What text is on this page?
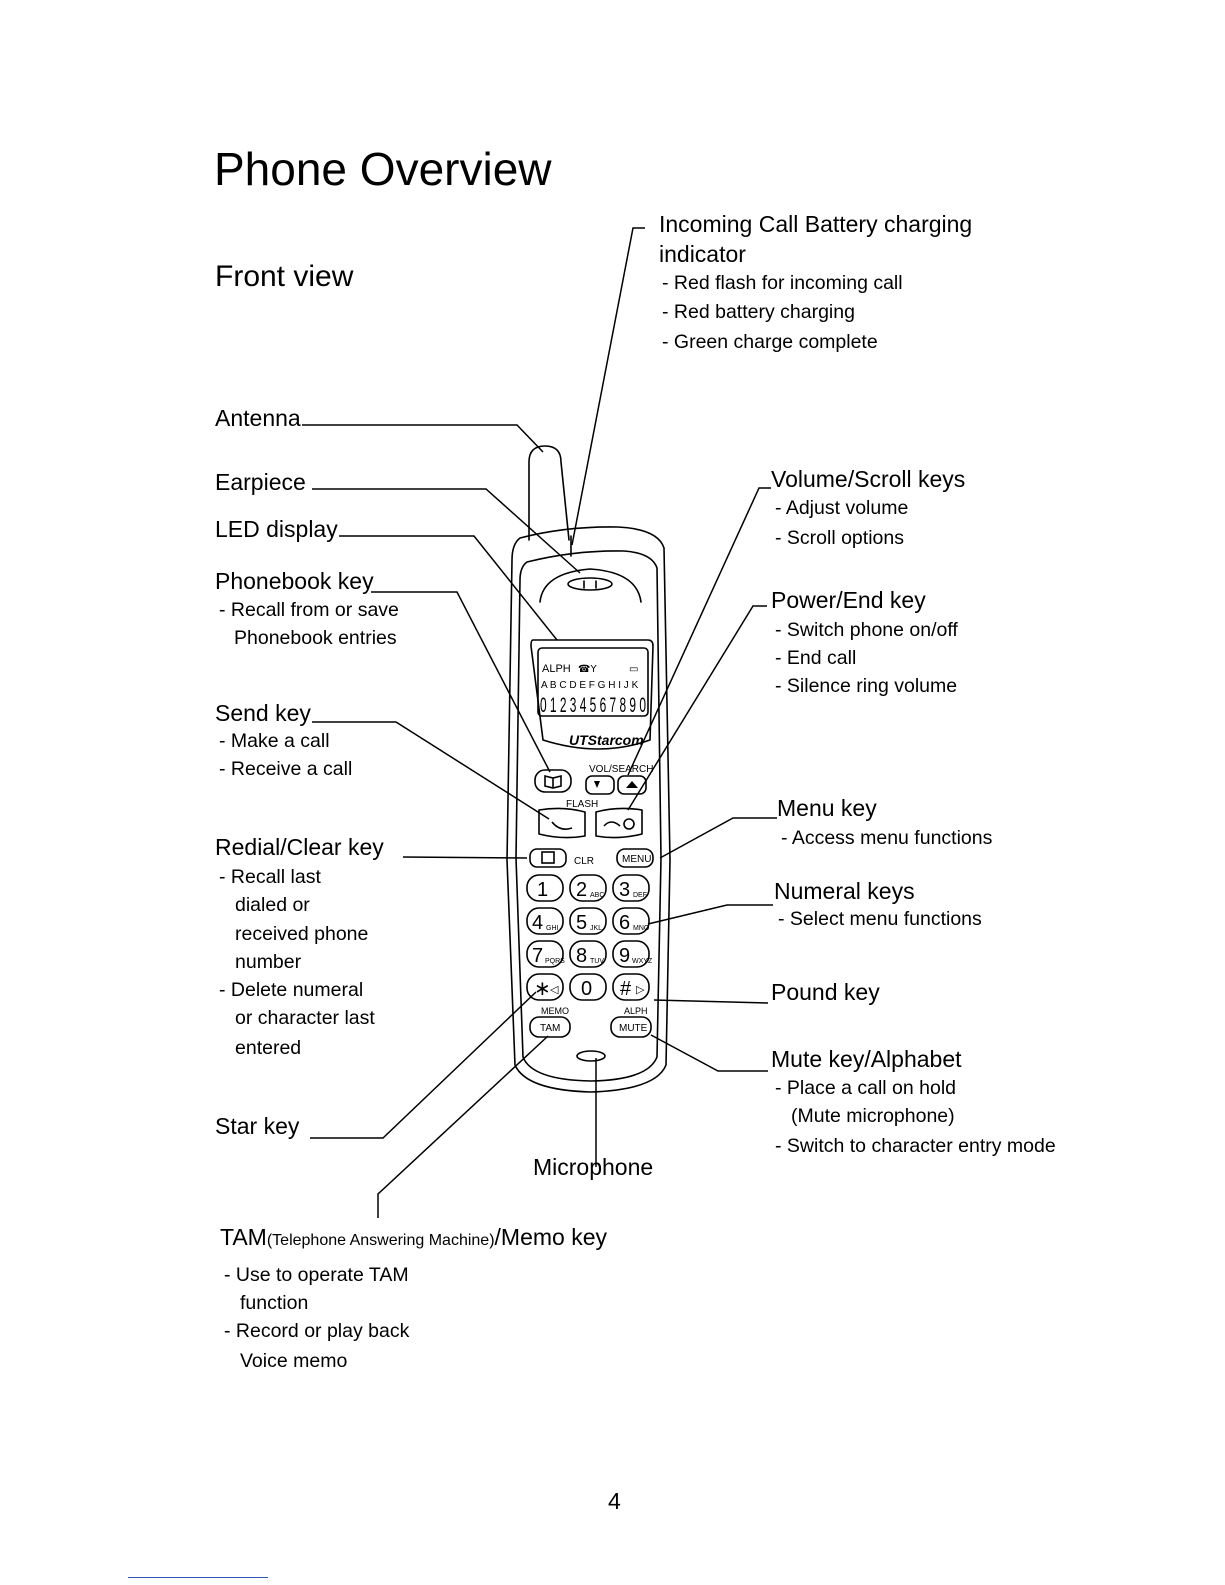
ALPH
A B C D E F G H I J K
0 1 2 3 4 5 6 7 8 9 0
▭
☎Y
UTStarcom
VOL/SEARCH
FLASH
CLR	MENU
MEMO	ALPH
TAM	MUTE
1 2 ABC 3 DEF
4 GHI 5 JKL 6 MNO
7 PQRS 8 TUV 9 WXYZ
∗ ◁ 0 # ▷
Phone Overview
Front view
Incoming Call Battery charging
indicator
- Red flash for incoming call
- Red battery charging
- Green charge complete
Antenna
Earpiece
LED display
Phonebook key
- Recall from or save
Phonebook entries
Send key
- Make a call
- Receive a call
Redial/Clear key
- Recall last
dialed or
received phone
number
- Delete numeral
or character last
entered
Star key
Microphone
TAM(Telephone Answering Machine)/Memo key
- Use to operate TAM
function
- Record or play back
Voice memo
Volume/Scroll keys
- Adjust volume
- Scroll options
Power/End key
- Switch phone on/off
- End call
- Silence ring volume
Menu key
- Access menu functions
Numeral keys
- Select menu functions
Pound key
Mute key/Alphabet
- Place a call on hold
(Mute microphone)
- Switch to character entry mode
4
